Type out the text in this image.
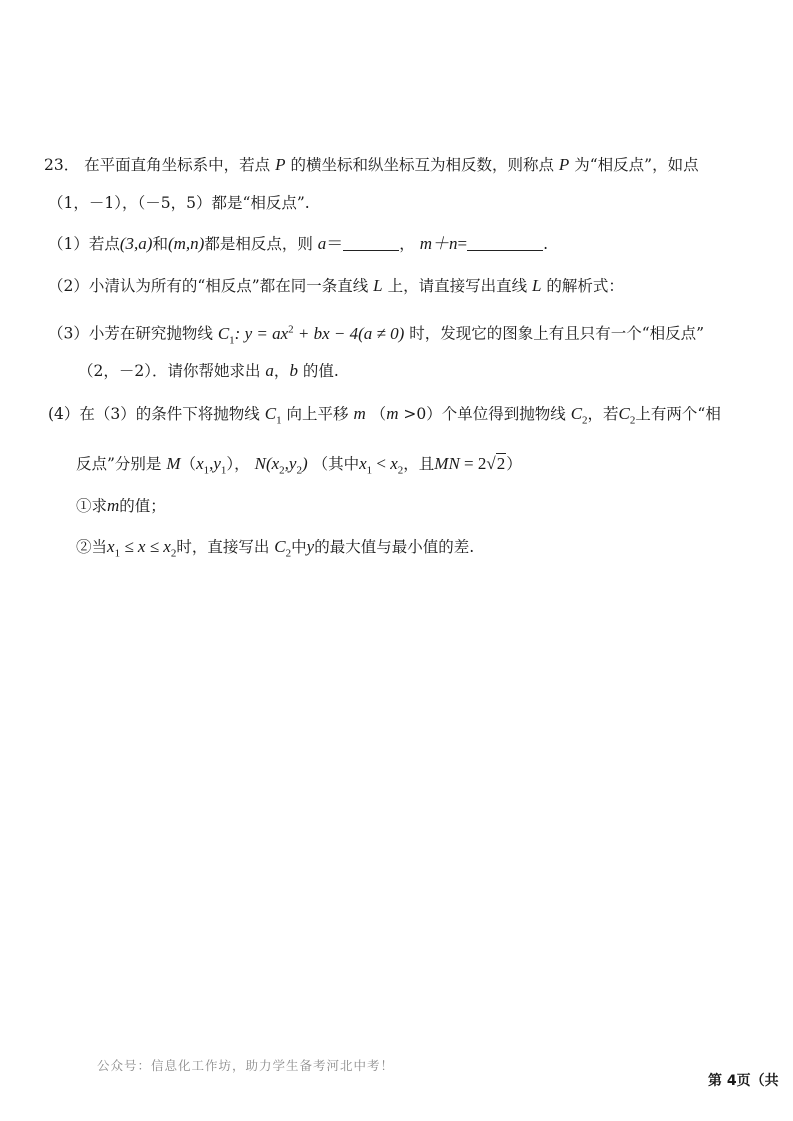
23． 在平面直角坐标系中，若点 P 的横坐标和纵坐标互为相反数，则称点 P 为“相反点”，如点
（1，－1），（－5，5）都是“相反点”.
（1）若点(3,a)和(m,n)都是相反点，则 a＝	， m＋n=	.
（2）小清认为所有的“相反点”都在同一条直线 L 上，请直接写出直线 L 的解析式：
（3）小芳在研究抛物线 $C_1$: $y = ax^2$ + bx − 4(a ≠ 0) 时，发现它的图象上有且只有一个“相反点”
（2，－2）．请你帮她求出 a，b 的值.
(4）在（3）的条件下将抛物线 $C_1$ 向上平移 m （m >0）个单位得到抛物线 $C_2$，若$C_2$上有两个“相
反点”分别是 $M(x_1,y_1)$， $N(x_2,y_2)$ （其中$x_1 < x_2$，且MN = 2√2）
①求m的值；
②当$x_1 \le x \le x_2$时，直接写出 $C_2$中y的最大值与最小值的差.
公众号：信息化工作坊，助力学生备考河北中考！
第 4页（共
